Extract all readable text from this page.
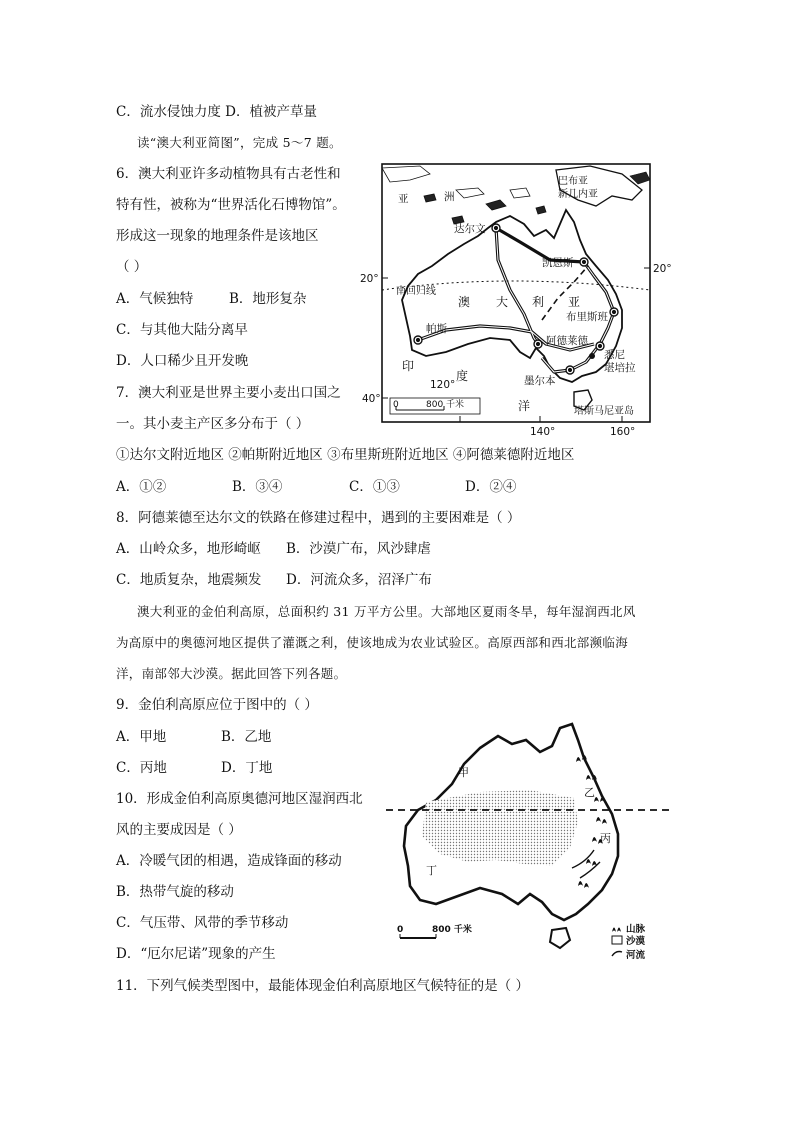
C．流水侵蚀力度 D．植被产草量
读“澳大利亚简图”，完成 5～7 题。
6．澳大利亚许多动植物具有古老性和
特有性，被称为“世界活化石博物馆”。
形成这一现象的地理条件是该地区
（ ）
A．气候独特	B．地形复杂
C．与其他大陆分离早
D．人口稀少且开发晚
7．澳大利亚是世界主要小麦出口国之
一。其小麦主产区多分布于（ ）
①达尔文附近地区 ②帕斯附近地区 ③布里斯班附近地区 ④阿德莱德附近地区
A．①②	B．③④	C．①③	D．②④
8．阿德莱德至达尔文的铁路在修建过程中，遇到的主要困难是（ ）
A．山岭众多，地形崎岖 B．沙漠广布，风沙肆虐
C．地质复杂，地震频发 D．河流众多，沼泽广布
澳大利亚的金伯利高原，总面积约 31 万平方公里。大部地区夏雨冬旱，每年湿润西北风
为高原中的奥德河地区提供了灌溉之利，使该地成为农业试验区。高原西部和西北部濒临海
洋，南部邻大沙漠。据此回答下列各题。
9．金伯利高原应位于图中的（ ）
A．甲地	B．乙地
C．丙地	D．丁地
10．形成金伯利高原奥德河地区湿润西北
风的主要成因是（ ）
A．冷暖气团的相遇，造成锋面的移动
B．热带气旋的移动
C．气压带、风带的季节移动
D．“厄尔尼诺”现象的产生
11．下列气候类型图中，最能体现金伯利高原地区气候特征的是（ ）
亚	洲
巴布亚
新几内亚
达尔文
凯恩斯
20°
20°
南回归线
澳 大 利 亚
布里斯班
帕斯
阿德莱德
悉尼
堪培拉
印
度
洋
墨尔本
120°
40° 0	800 千米
140°	160°
塔斯马尼亚岛
甲
乙
丙
丁
0	800 千米	山脉
沙漠
河流
